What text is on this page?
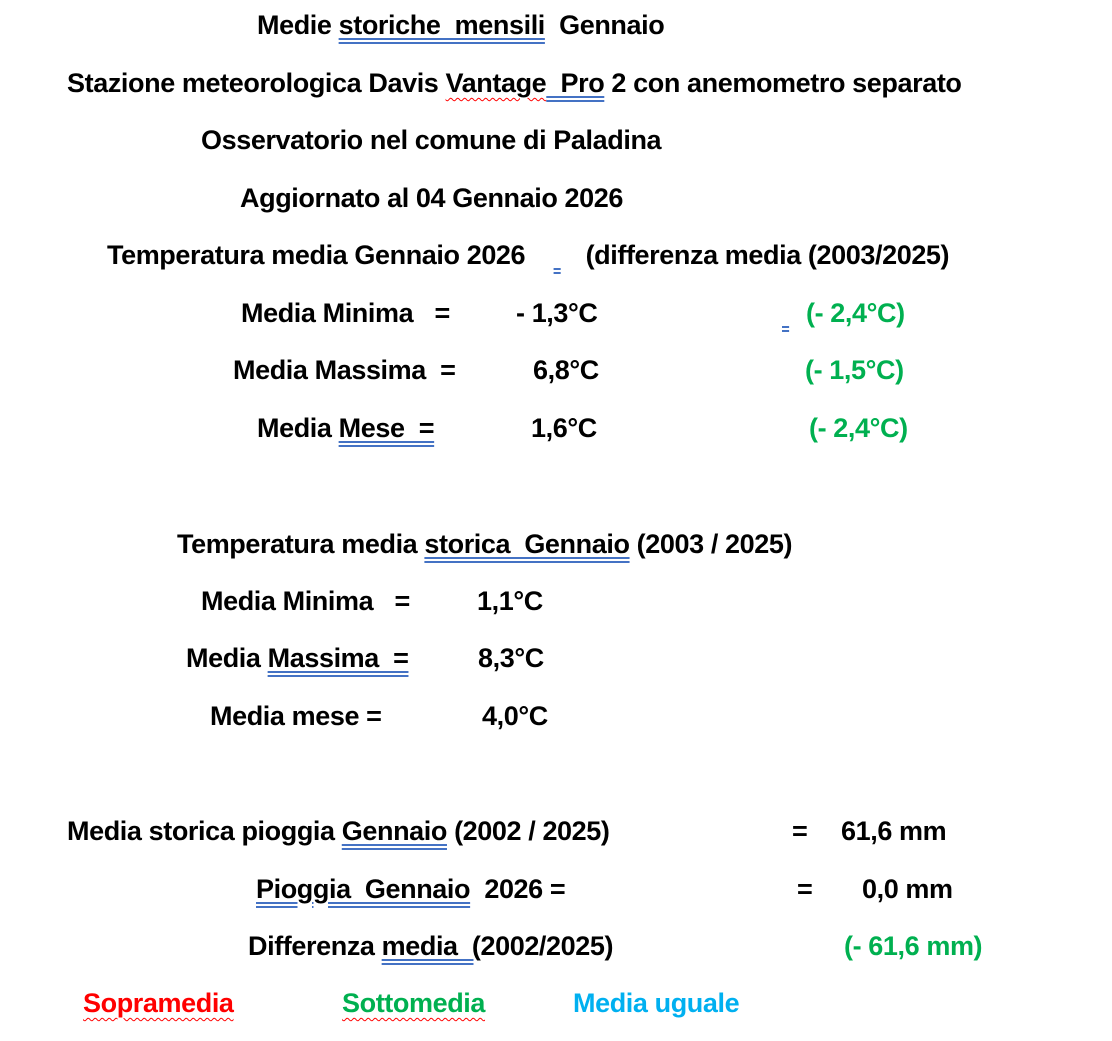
Medie storiche  mensili  Gennaio
Stazione meteorologica Davis Vantage  Pro 2 con anemometro separato
Osservatorio nel comune di Paladina
Aggiornato al 04 Gennaio 2026
Temperatura media Gennaio 2026 (differenza media (2003/2025)
Media Minima   = - 1,3°C	(- 2,4°C)
Media Massima  =	6,8°C	(- 1,5°C)
Media Mese  =	1,6°C	(- 2,4°C)
Temperatura media storica  Gennaio (2003 / 2025)
Media Minima   = 1,1°C
Media Massima  =	8,3°C
Media mese =	4,0°C
Media storica pioggia Gennaio (2002 / 2025)	= 61,6 mm
Pioggia  Gennaio  2026 =	= 0,0 mm
Differenza media  (2002/2025)	(- 61,6 mm)
Sopramedia	Sottomedia	Media uguale
